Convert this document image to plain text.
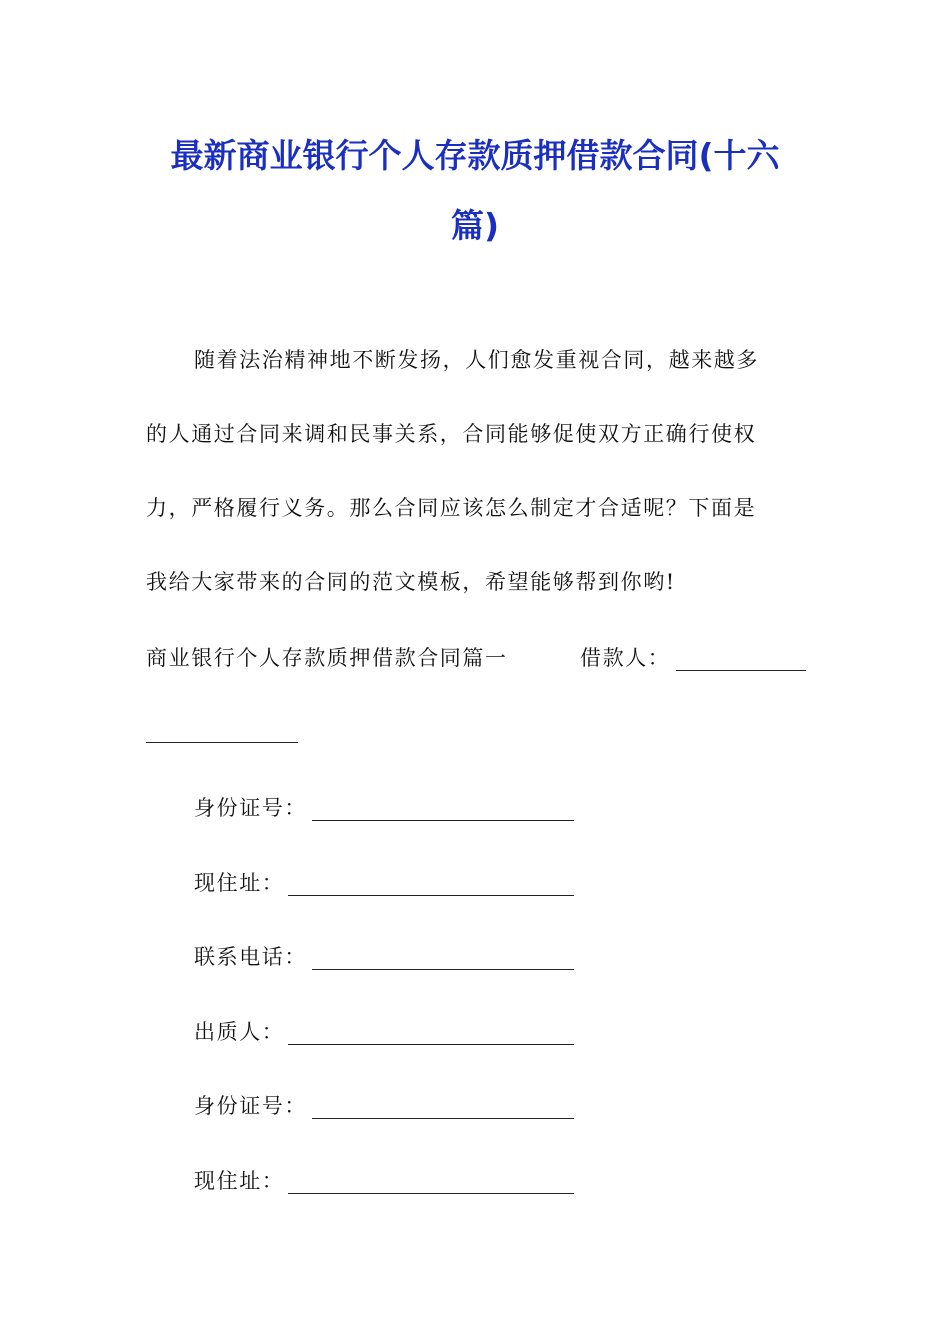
最新商业银行个人存款质押借款合同(十六
篇)
随着法治精神地不断发扬，人们愈发重视合同，越来越多
的人通过合同来调和民事关系，合同能够促使双方正确行使权
力，严格履行义务。那么合同应该怎么制定才合适呢？下面是
我给大家带来的合同的范文模板，希望能够帮到你哟!
商业银行个人存款质押借款合同篇一	借款人：
身份证号：
现住址：
联系电话：
出质人：
身份证号：
现住址：
